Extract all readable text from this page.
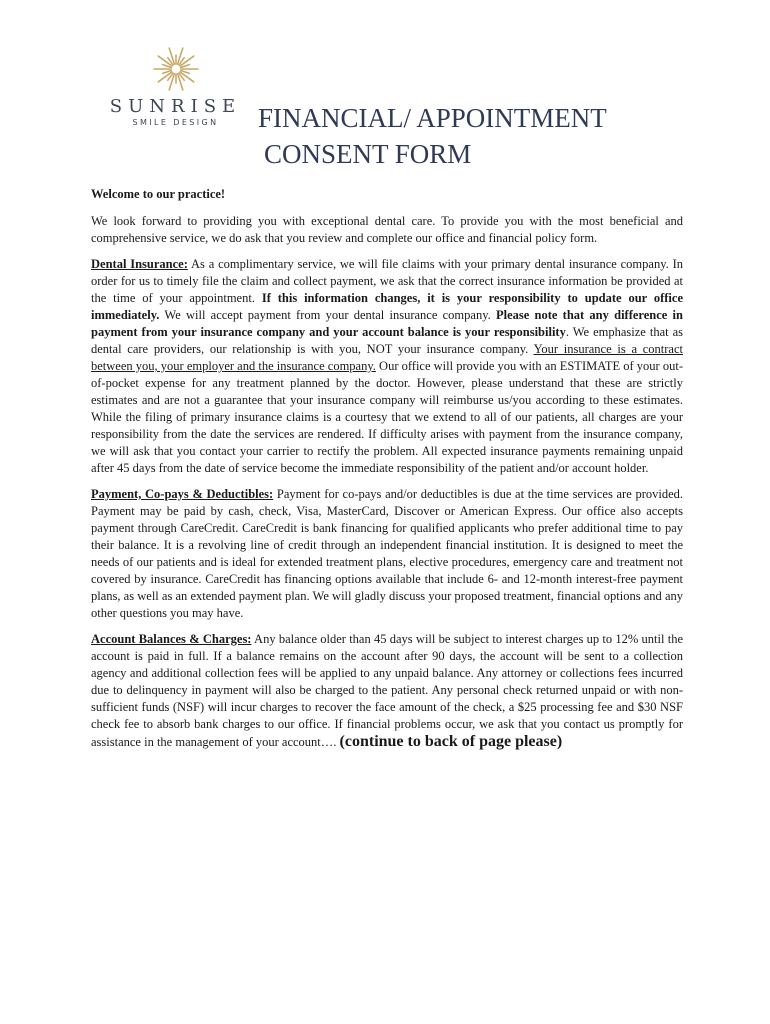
SUNRISE
SMILE DESIGN	FINANCIAL/ APPOINTMENT
CONSENT FORM

Welcome to our practice!

We look forward to providing you with exceptional dental care. To provide you with the most beneficial and comprehensive service, we do ask that you review and complete our office and financial policy form.

Dental Insurance: As a complimentary service, we will file claims with your primary dental insurance company. In order for us to timely file the claim and collect payment, we ask that the correct insurance information be provided at the time of your appointment. If this information changes, it is your responsibility to update our office immediately. We will accept payment from your dental insurance company. Please note that any difference in payment from your insurance company and your account balance is your responsibility. We emphasize that as dental care providers, our relationship is with you, NOT your insurance company. Your insurance is a contract between you, your employer and the insurance company. Our office will provide you with an ESTIMATE of your out-of-pocket expense for any treatment planned by the doctor. However, please understand that these are strictly estimates and are not a guarantee that your insurance company will reimburse us/you according to these estimates. While the filing of primary insurance claims is a courtesy that we extend to all of our patients, all charges are your responsibility from the date the services are rendered. If difficulty arises with payment from the insurance company, we will ask that you contact your carrier to rectify the problem. All expected insurance payments remaining unpaid after 45 days from the date of service become the immediate responsibility of the patient and/or account holder.

Payment, Co-pays & Deductibles: Payment for co-pays and/or deductibles is due at the time services are provided. Payment may be paid by cash, check, Visa, MasterCard, Discover or American Express. Our office also accepts payment through CareCredit. CareCredit is bank financing for qualified applicants who prefer additional time to pay their balance. It is a revolving line of credit through an independent financial institution. It is designed to meet the needs of our patients and is ideal for extended treatment plans, elective procedures, emergency care and treatment not covered by insurance. CareCredit has financing options available that include 6- and 12-month interest-free payment plans, as well as an extended payment plan. We will gladly discuss your proposed treatment, financial options and any other questions you may have.

Account Balances & Charges: Any balance older than 45 days will be subject to interest charges up to 12% until the account is paid in full. If a balance remains on the account after 90 days, the account will be sent to a collection agency and additional collection fees will be applied to any unpaid balance. Any attorney or collections fees incurred due to delinquency in payment will also be charged to the patient. Any personal check returned unpaid or with non-sufficient funds (NSF) will incur charges to recover the face amount of the check, a $25 processing fee and $30 NSF check fee to absorb bank charges to our office. If financial problems occur, we ask that you contact us promptly for assistance in the management of your account…. (continue to back of page please)
